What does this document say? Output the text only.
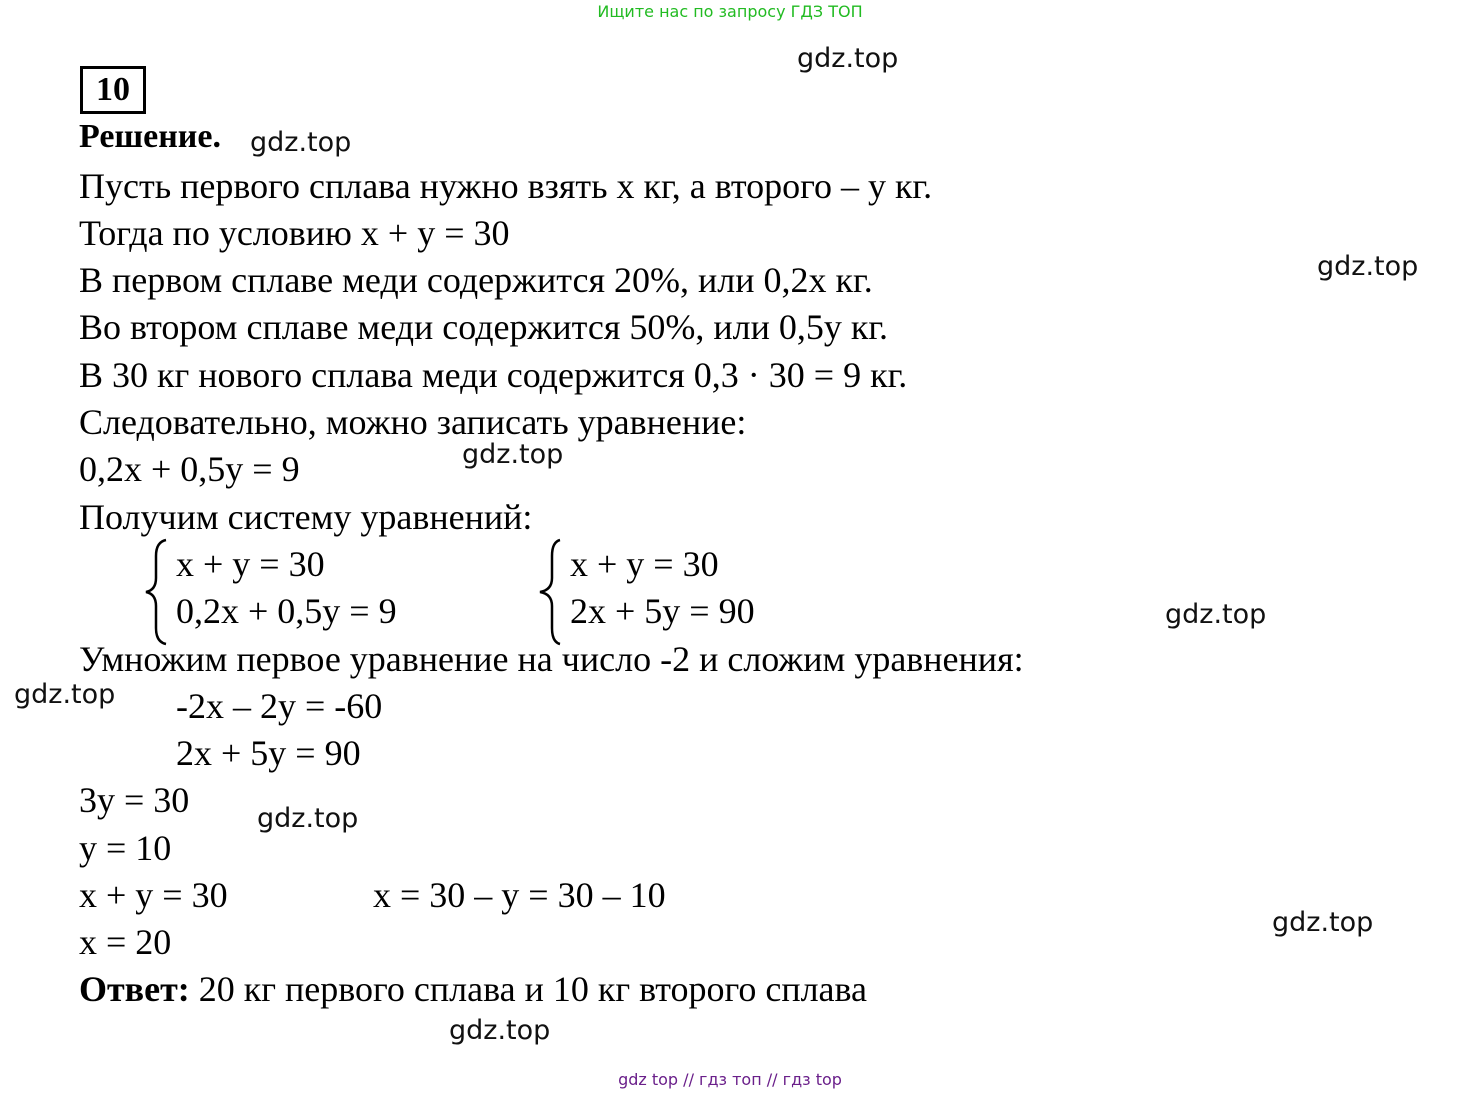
Ищите нас по запросу ГДЗ ТОП
10
Решение.
Пусть первого сплава нужно взять x кг, а второго – у кг.
Тогда по условию x + y = 30
В первом сплаве меди содержится 20%, или 0,2x кг.
Во втором сплаве меди содержится 50%, или 0,5y кг.
В 30 кг нового сплава меди содержится 0,3 · 30 = 9 кг.
Следовательно, можно записать уравнение:
0,2x + 0,5y = 9
Получим систему уравнений:
x + y = 30
0,2x + 0,5y = 9
x + y = 30
2x + 5y = 90
Умножим первое уравнение на число -2 и сложим уравнения:
-2x – 2y = -60
2x + 5y = 90
3y = 30
y = 10
x + y = 30	x = 30 – y = 30 – 10
x = 20
Ответ: 20 кг первого сплава и 10 кг второго сплава
gdz.top
gdz.top
gdz.top
gdz.top
gdz.top
gdz.top
gdz.top
gdz.top
gdz.top
gdz top // гдз топ // гдз top
